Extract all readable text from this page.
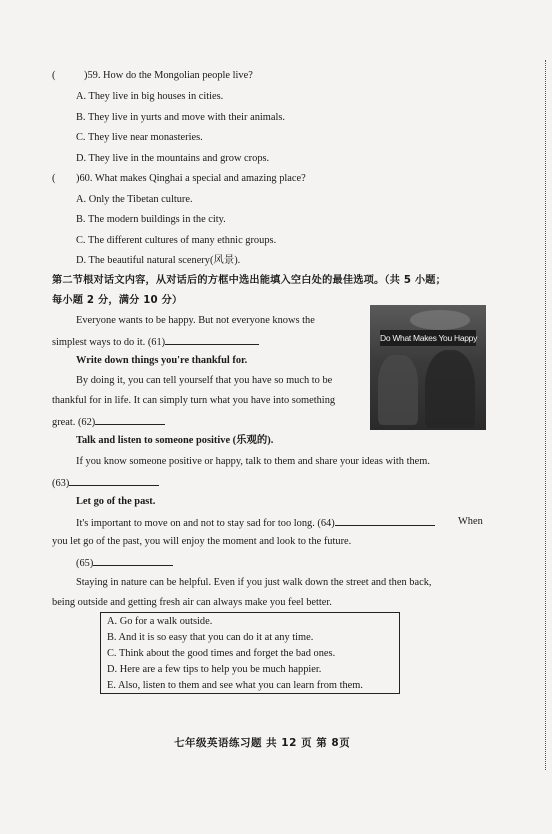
(	)59. How do the Mongolian people live?
A. They live in big houses in cities.
B. They live in yurts and move with their animals.
C. They live near monasteries.
D. They live in the mountains and grow crops.
( )60. What makes Qinghai a special and amazing place?
A. Only the Tibetan culture.
B. The modern buildings in the city.
C. The different cultures of many ethnic groups.
D. The beautiful natural scenery(风景).
第二节根对话文内容，从对话后的方框中选出能填入空白处的最佳选项。（共 5 小题；
每小题 2 分，满分 10 分）
Do What Makes You Happy
Everyone wants to be happy. But not everyone knows the
simplest ways to do it. (61)
Write down things you're thankful for.
By doing it, you can tell yourself that you have so much to be
thankful for in life. It can simply turn what you have into something
great. (62)
Talk and listen to someone positive (乐观的).
If you know someone positive or happy, talk to them and share your ideas with them.
(63)
Let go of the past.
It's important to move on and not to stay sad for too long. (64)	When
you let go of the past, you will enjoy the moment and look to the future.
(65)
Staying in nature can be helpful. Even if you just walk down the street and then back,
being outside and getting fresh air can always make you feel better.
A. Go for a walk outside.
B. And it is so easy that you can do it at any time.
C. Think about the good times and forget the bad ones.
D. Here are a few tips to help you be much happier.
E. Also, listen to them and see what you can learn from them.
七年级英语练习题 共 12 页 第 8页
